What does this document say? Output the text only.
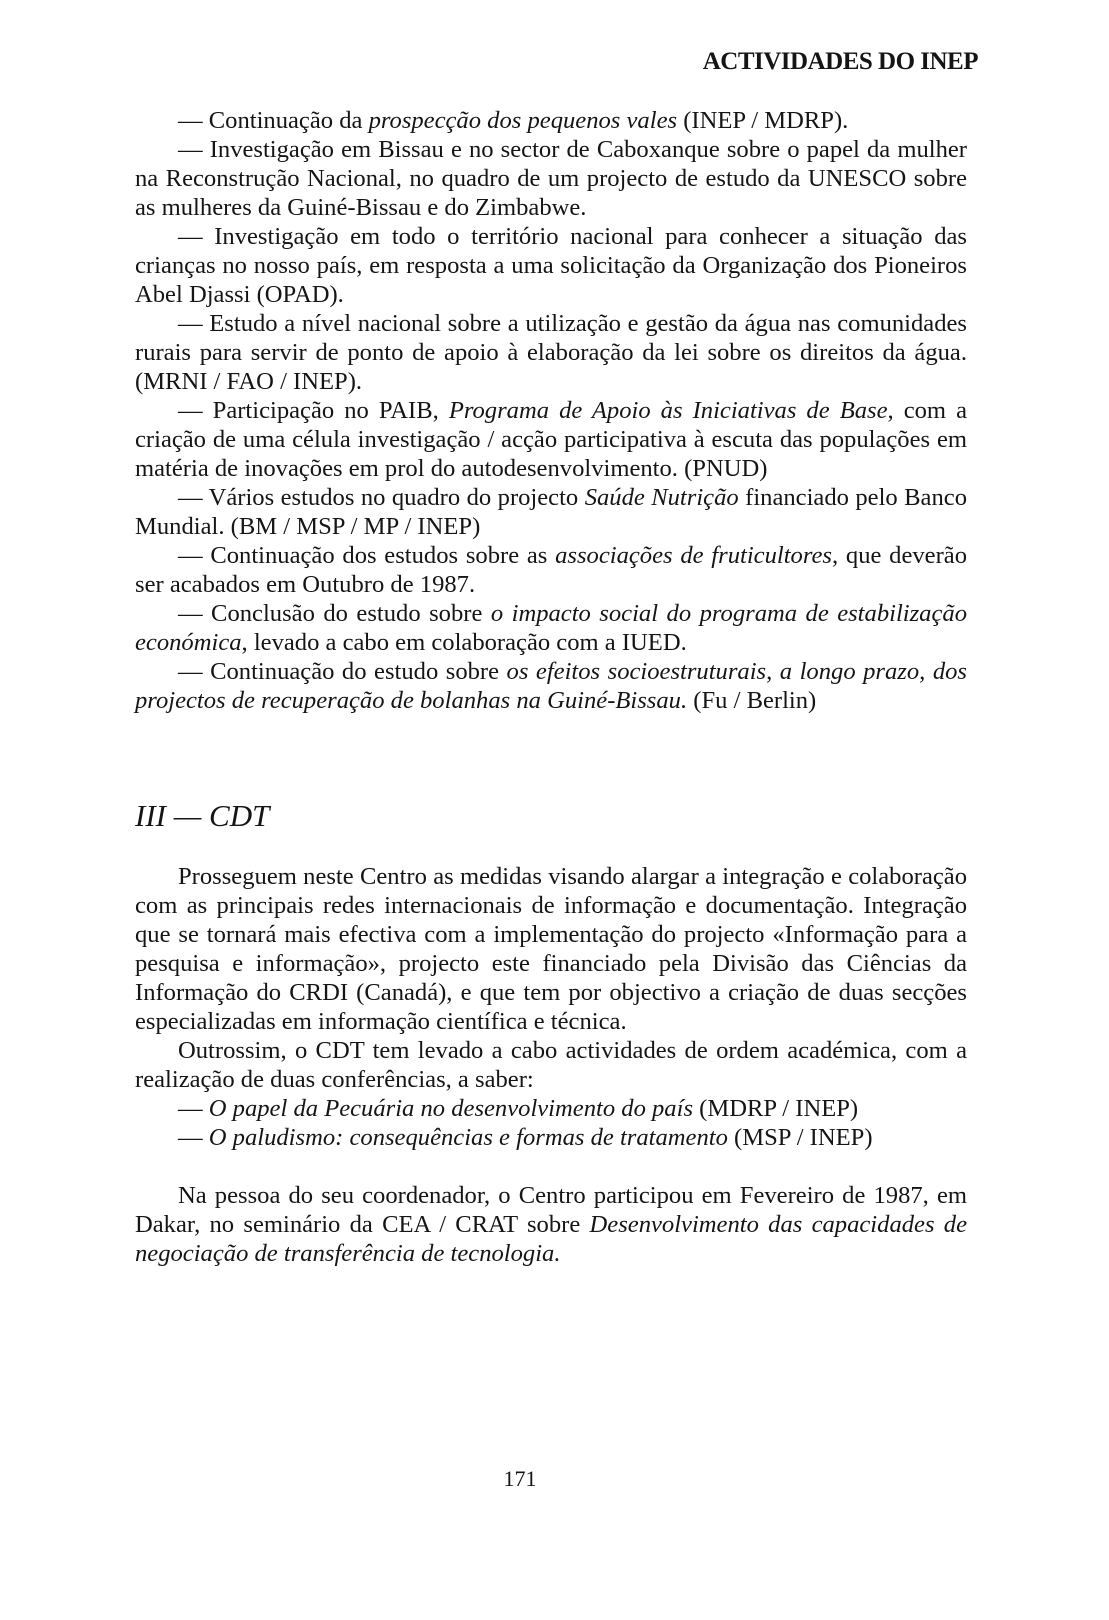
ACTIVIDADES DO INEP

— Continuação da prospecção dos pequenos vales (INEP / MDRP).

— Investigação em Bissau e no sector de Caboxanque sobre o papel da mulher na Reconstrução Nacional, no quadro de um projecto de estudo da UNESCO sobre as mulheres da Guiné-Bissau e do Zimbabwe.

— Investigação em todo o território nacional para conhecer a situação das crianças no nosso país, em resposta a uma solicitação da Organização dos Pioneiros Abel Djassi (OPAD).

— Estudo a nível nacional sobre a utilização e gestão da água nas comunidades rurais para servir de ponto de apoio à elaboração da lei sobre os direitos da água. (MRNI / FAO / INEP).

— Participação no PAIB, Programa de Apoio às Iniciativas de Base, com a criação de uma célula investigação / acção participativa à escuta das populações em matéria de inovações em prol do autodesenvolvimento. (PNUD)

— Vários estudos no quadro do projecto Saúde Nutrição financiado pelo Banco Mundial. (BM / MSP / MP / INEP)

— Continuação dos estudos sobre as associações de fruticultores, que deverão ser acabados em Outubro de 1987.

— Conclusão do estudo sobre o impacto social do programa de estabilização económica, levado a cabo em colaboração com a IUED.

— Continuação do estudo sobre os efeitos socioestruturais, a longo prazo, dos projectos de recuperação de bolanhas na Guiné-Bissau. (Fu / Berlin)

III — CDT

Prosseguem neste Centro as medidas visando alargar a integração e colaboração com as principais redes internacionais de informação e documentação. Integração que se tornará mais efectiva com a implementação do projecto «Informação para a pesquisa e informação», projecto este financiado pela Divisão das Ciências da Informação do CRDI (Canadá), e que tem por objectivo a criação de duas secções especializadas em informação científica e técnica.

Outrossim, o CDT tem levado a cabo actividades de ordem académica, com a realização de duas conferências, a saber:

— O papel da Pecuária no desenvolvimento do país (MDRP / INEP)

— O paludismo: consequências e formas de tratamento (MSP / INEP)

Na pessoa do seu coordenador, o Centro participou em Fevereiro de 1987, em Dakar, no seminário da CEA / CRAT sobre Desenvolvimento das capacidades de negociação de transferência de tecnologia.

171
